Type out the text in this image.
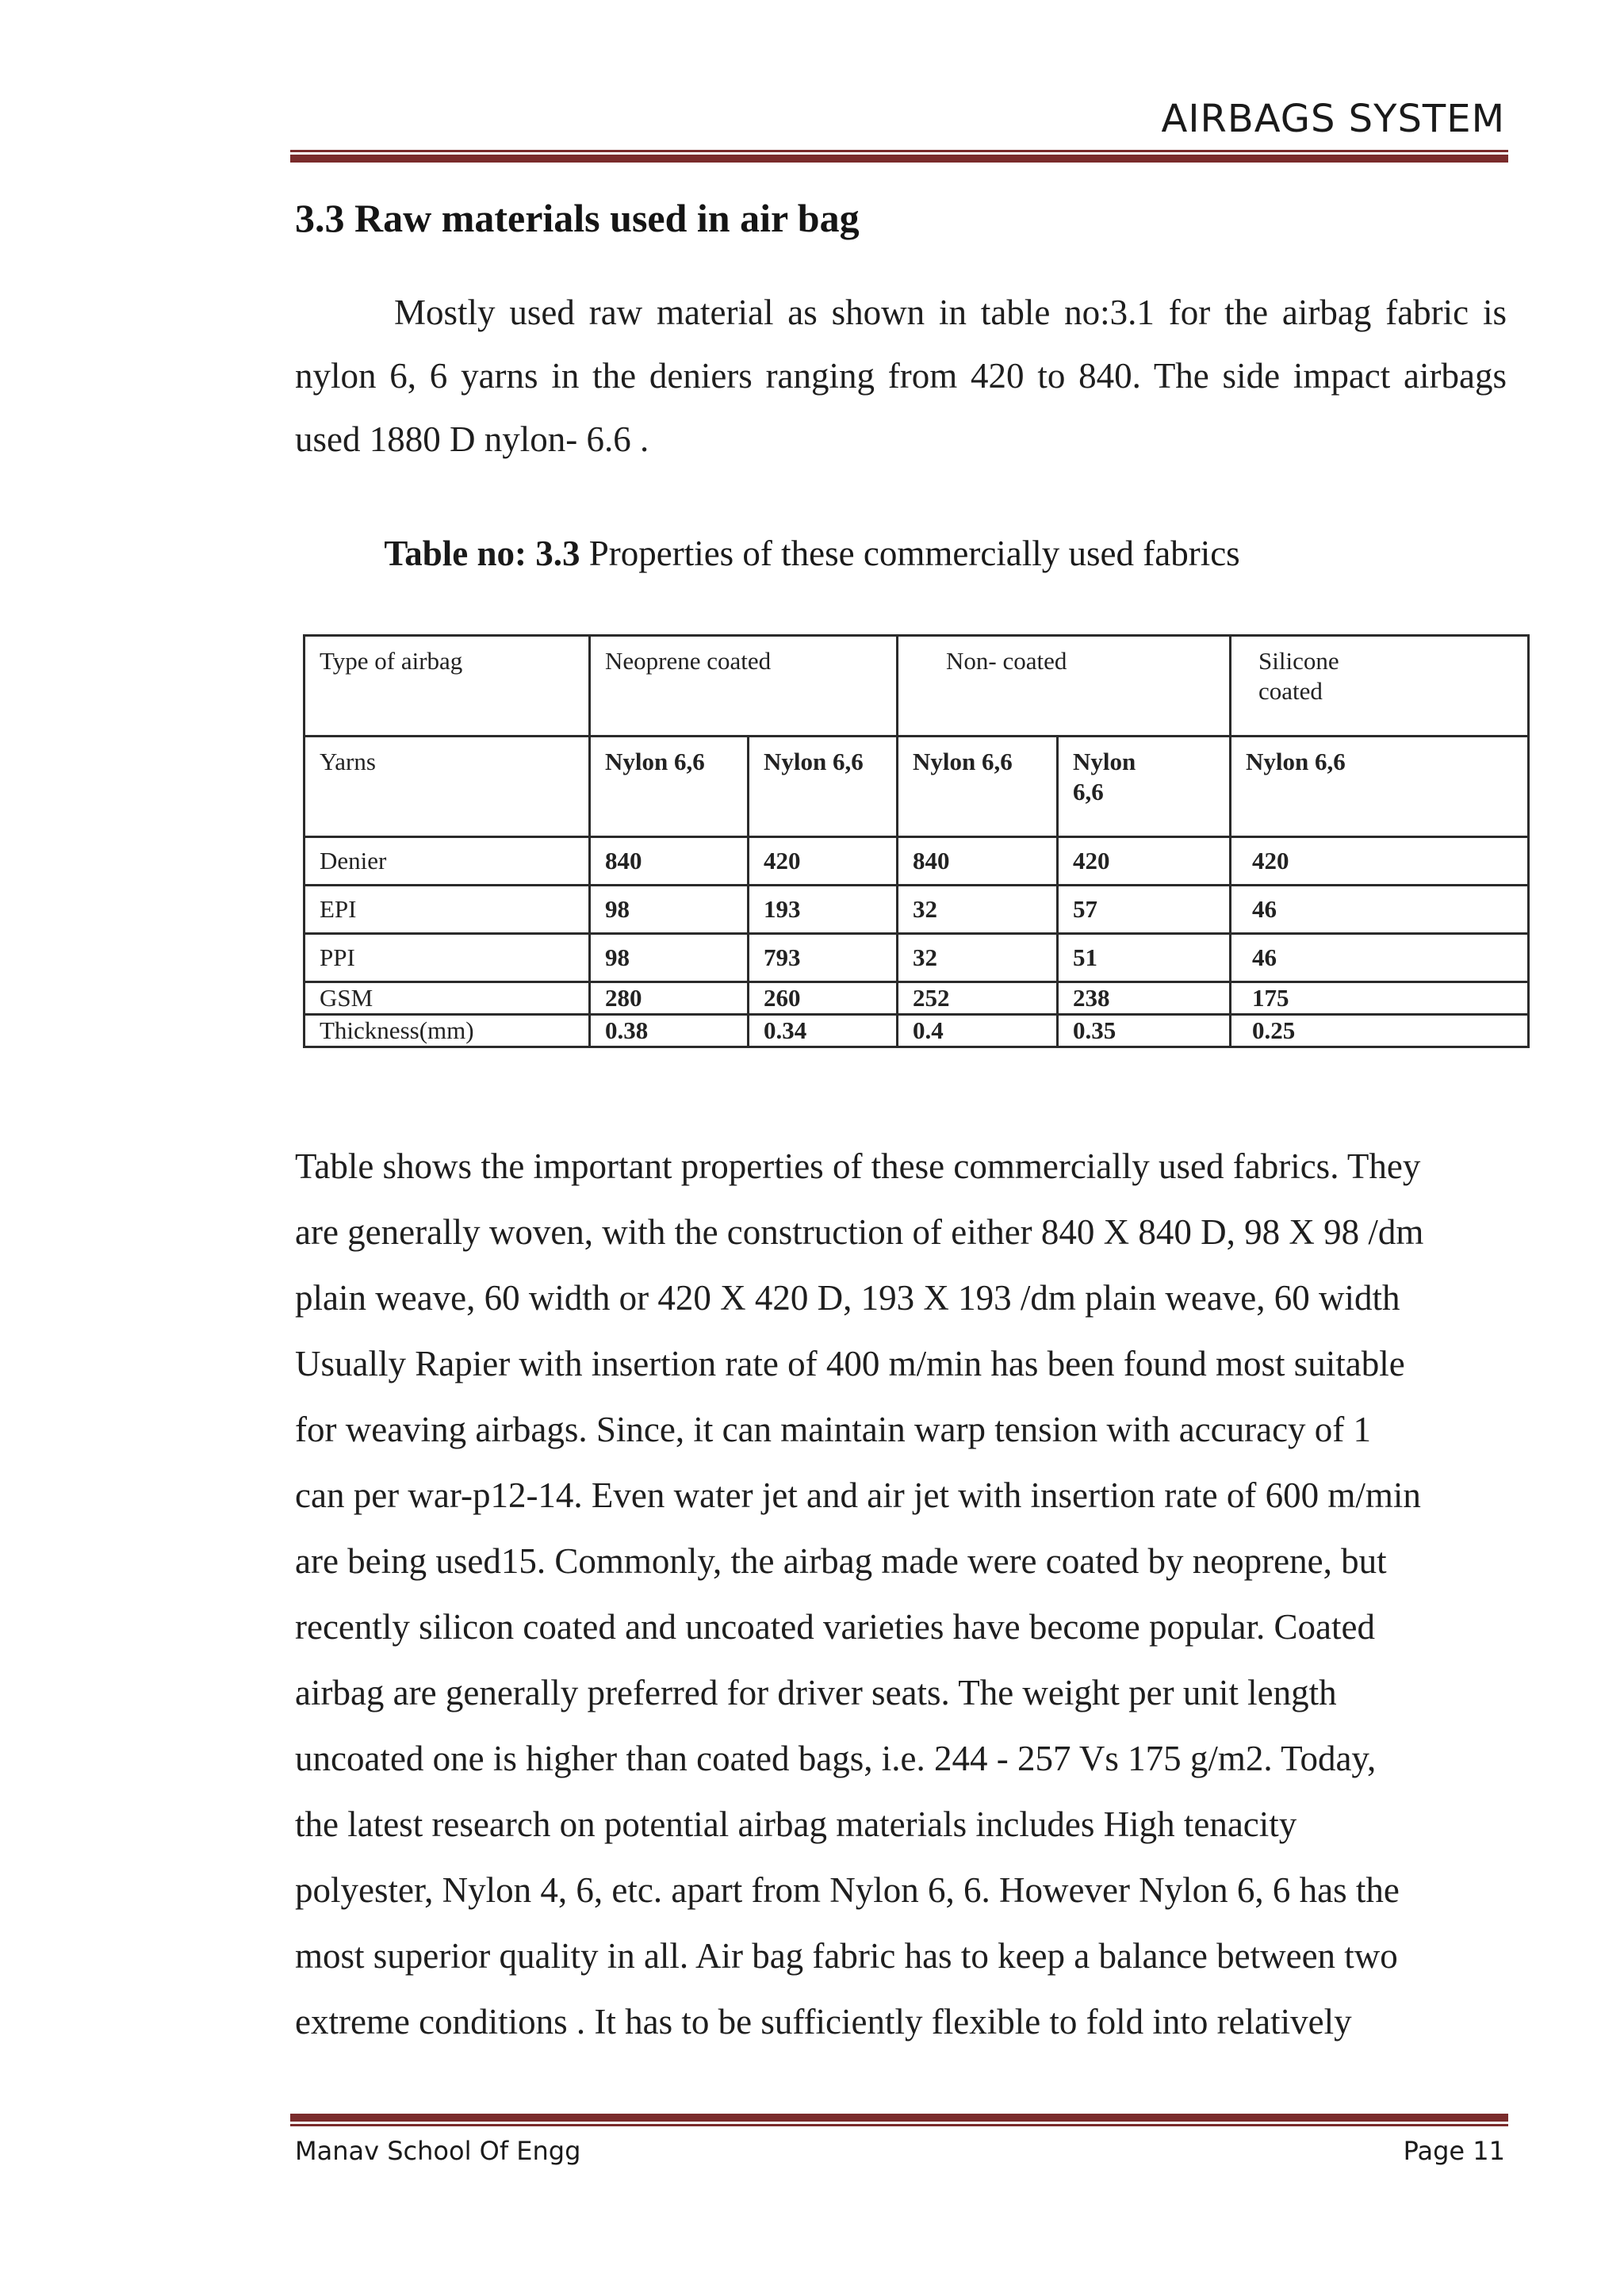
AIRBAGS SYSTEM
3.3 Raw materials used in air bag

Mostly used raw material as shown in table no:3.1 for the airbag fabric is nylon 6, 6 yarns in the deniers ranging from 420 to 840. The side impact airbags used 1880 D nylon- 6.6 .

Table no: 3.3 Properties of these commercially used fabrics
Type of airbag	Neoprene coated		Non- coated		Silicone coated

Yarns	Nylon 6,6	Nylon 6,6	Nylon 6,6	Nylon 6,6	Nylon 6,6
Denier	840	420	840	420	420
EPI	98	193	32	57	46
PPI	98	793	32	51	46
GSM	280	260	252	238	175
Thickness(mm)	0.38	0.34	0.4	0.35	0.25
Table shows the important properties of these commercially used fabrics. They
are generally woven, with the construction of either 840 X 840 D, 98 X 98 /dm
plain weave, 60 width or 420 X 420 D, 193 X 193 /dm plain weave, 60 width
Usually Rapier with insertion rate of 400 m/min has been found most suitable
for weaving airbags. Since, it can maintain warp tension with accuracy of 1
can per war-p12-14. Even water jet and air jet with insertion rate of 600 m/min
are being used15. Commonly, the airbag made were coated by neoprene, but
recently silicon coated and uncoated varieties have become popular. Coated
airbag are generally preferred for driver seats. The weight per unit length
uncoated one is higher than coated bags, i.e. 244 - 257 Vs 175 g/m2. Today,
the latest research on potential airbag materials includes High tenacity
polyester, Nylon 4, 6, etc. apart from Nylon 6, 6. However Nylon 6, 6 has the
most superior quality in all. Air bag fabric has to keep a balance between two
extreme conditions . It has to be sufficiently flexible to fold into relatively
Manav School Of Engg	Page 11
